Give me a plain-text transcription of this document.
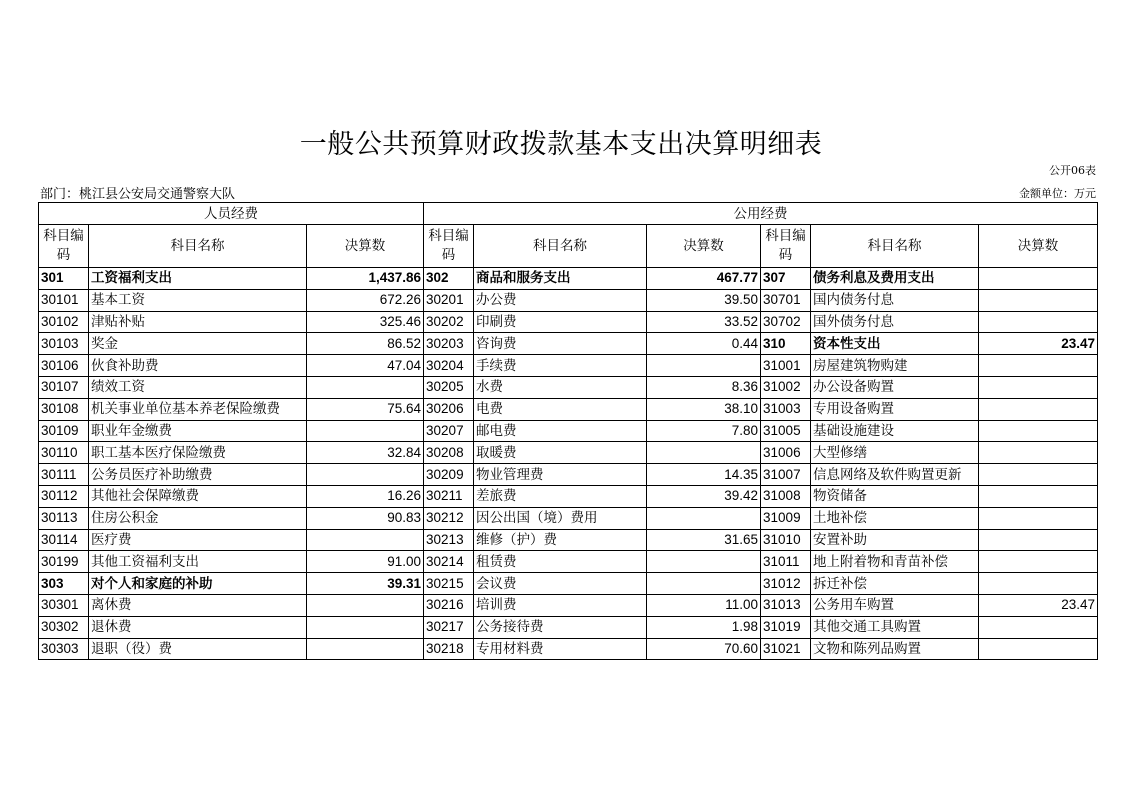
一般公共预算财政拨款基本支出决算明细表
公开06表
部门：桃江县公安局交通警察大队	金额单位：万元
人员经费			公用经费					
科目编码	科目名称	决算数	科目编码	科目名称	决算数	科目编码	科目名称	决算数
301	工资福利支出	1,437.86	302	商品和服务支出	467.77	307	债务利息及费用支出	
30101	基本工资	672.26	30201	办公费	39.50	30701	国内债务付息	
30102	津贴补贴	325.46	30202	印刷费	33.52	30702	国外债务付息	
30103	奖金	86.52	30203	咨询费	0.44	310	资本性支出	23.47
30106	伙食补助费	47.04	30204	手续费		31001	房屋建筑物购建	
30107	绩效工资		30205	水费	8.36	31002	办公设备购置	
30108	机关事业单位基本养老保险缴费	75.64	30206	电费	38.10	31003	专用设备购置	
30109	职业年金缴费		30207	邮电费	7.80	31005	基础设施建设	
30110	职工基本医疗保险缴费	32.84	30208	取暖费		31006	大型修缮	
30111	公务员医疗补助缴费		30209	物业管理费	14.35	31007	信息网络及软件购置更新	
30112	其他社会保障缴费	16.26	30211	差旅费	39.42	31008	物资储备	
30113	住房公积金	90.83	30212	因公出国（境）费用		31009	土地补偿	
30114	医疗费		30213	维修（护）费	31.65	31010	安置补助	
30199	其他工资福利支出	91.00	30214	租赁费		31011	地上附着物和青苗补偿	
303	对个人和家庭的补助	39.31	30215	会议费		31012	拆迁补偿	
30301	离休费		30216	培训费	11.00	31013	公务用车购置	23.47
30302	退休费		30217	公务接待费	1.98	31019	其他交通工具购置	
30303	退职（役）费		30218	专用材料费	70.60	31021	文物和陈列品购置	
